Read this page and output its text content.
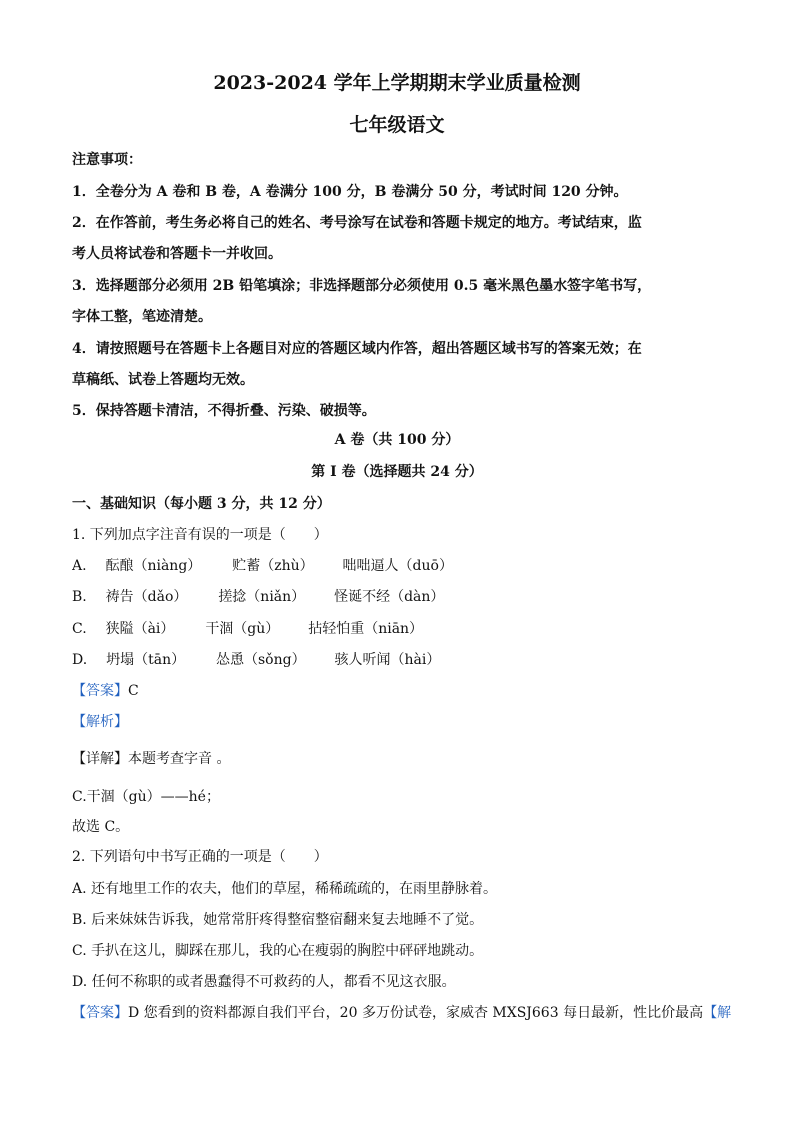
2023-2024 学年上学期期末学业质量检测
七年级语文
注意事项：
1．全卷分为 A 卷和 B 卷，A 卷满分 100 分，B 卷满分 50 分，考试时间 120 分钟。
2．在作答前，考生务必将自己的姓名、考号涂写在试卷和答题卡规定的地方。考试结束，监
考人员将试卷和答题卡一并收回。
3．选择题部分必须用 2B 铅笔填涂；非选择题部分必须使用 0.5 毫米黑色墨水签字笔书写，
字体工整，笔迹清楚。
4．请按照题号在答题卡上各题目对应的答题区域内作答，超出答题区域书写的答案无效；在
草稿纸、试卷上答题均无效。
5．保持答题卡清洁，不得折叠、污染、破损等。
A 卷（共 100 分）
第 I 卷（选择题共 24 分）
一、基础知识（每小题 3 分，共 12 分）
1. 下列加点字注音有误的一项是（　　）
A. 酝酿（niàng） 贮蓄（zhù） 咄咄逼人（duō）
B. 祷告（dǎo） 搓捻（niǎn） 怪诞不经（dàn）
C. 狭隘（ài） 干涸（gù） 拈轻怕重（niān）
D. 坍塌（tān） 怂恿（sǒng） 骇人听闻（hài）
【答案】C
【解析】
【详解】本题考查字音 。
C.干涸（gù）——hé；
故选 C。
2. 下列语句中书写正确的一项是（　　）
A. 还有地里工作的农夫，他们的草屋，稀稀疏疏的，在雨里静脉着。
B. 后来妹妹告诉我，她常常肝疼得整宿整宿翻来复去地睡不了觉。
C. 手扒在这儿，脚踩在那儿，我的心在瘦弱的胸腔中砰砰地跳动。
D. 任何不称职的或者愚蠢得不可救药的人，都看不见这衣服。
【答案】D 您看到的资料都源自我们平台，20 多万份试卷，家威杏 MXSJ663 每日最新，性比价最高【解
